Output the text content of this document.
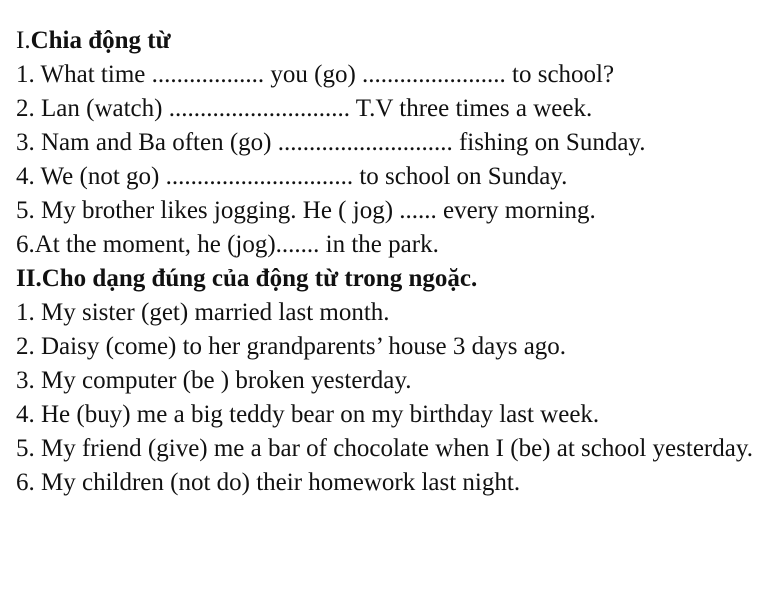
I.Chia động từ

1. What time .................. you (go) ....................... to school?

2. Lan (watch) ............................. T.V three times a week.

3. Nam and Ba often (go) ............................ fishing on Sunday.

4. We (not go) .............................. to school on Sunday.

5. My brother likes jogging. He ( jog) ...... every morning.

6.At the moment, he (jog)....... in the park.

II.Cho dạng đúng của động từ trong ngoặc.

1. My sister (get) married last month.

2. Daisy (come) to her grandparents’ house 3 days ago.

3. My computer (be ) broken yesterday.

4. He (buy) me a big teddy bear on my birthday last week.

5. My friend (give) me a bar of chocolate when I (be) at school yesterday.

6. My children (not do) their homework last night.
